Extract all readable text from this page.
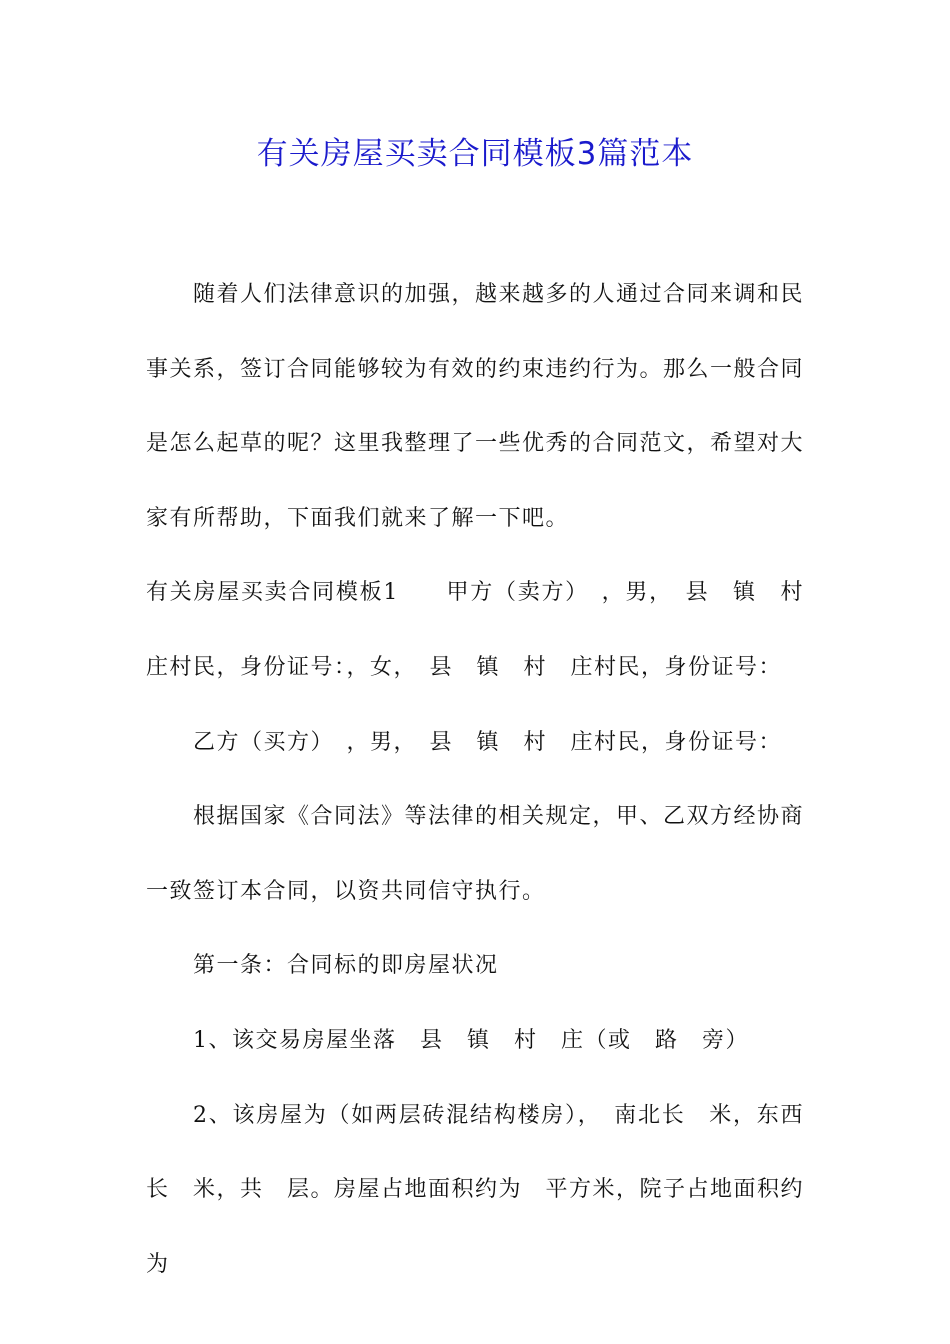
有关房屋买卖合同模板3篇范本

随着人们法律意识的加强，越来越多的人通过合同来调和民事关系，签订合同能够较为有效的约束违约行为。那么一般合同是怎么起草的呢？这里我整理了一些优秀的合同范文，希望对大家有所帮助，下面我们就来了解一下吧。

有关房屋买卖合同模板1　　甲方（卖方）　，男，　县　镇　村　庄村民，身份证号：，女，　县　镇　村　庄村民，身份证号：

乙方（买方）　，男，　县　镇　村　庄村民，身份证号：

根据国家《合同法》等法律的相关规定，甲、乙双方经协商一致签订本合同，以资共同信守执行。

第一条：合同标的即房屋状况

1、该交易房屋坐落　县　镇　村　庄（或　路　旁）

2、该房屋为（如两层砖混结构楼房），　南北长　米，东西长　米，共　层。房屋占地面积约为　平方米，院子占地面积约为
